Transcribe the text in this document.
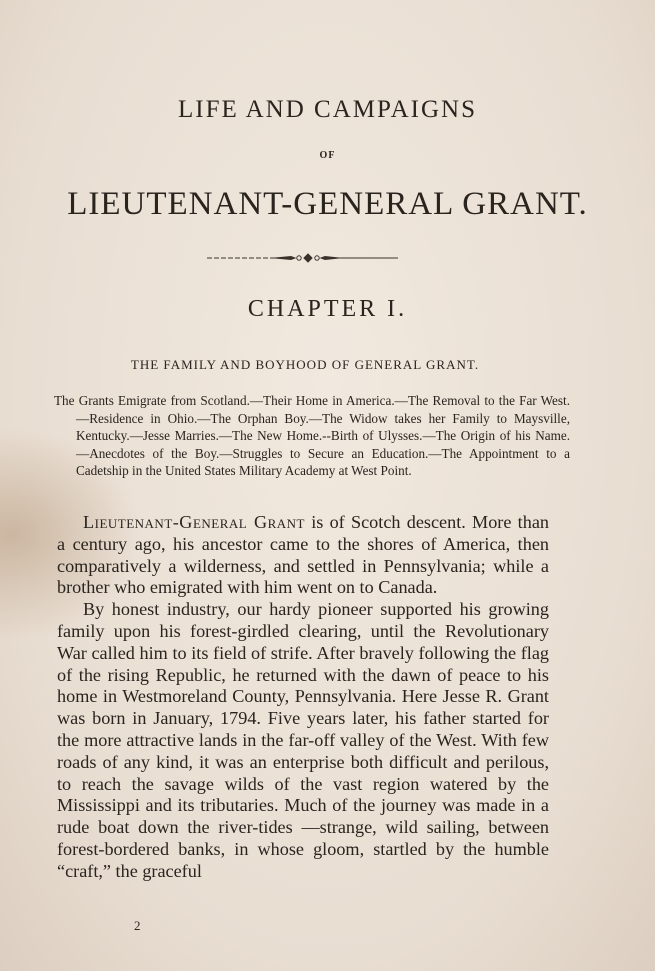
LIFE AND CAMPAIGNS
OF
LIEUTENANT-GENERAL GRANT.
CHAPTER I.
THE FAMILY AND BOYHOOD OF GENERAL GRANT.
The Grants Emigrate from Scotland.—Their Home in America.—The Removal to the Far West.—Residence in Ohio.—The Orphan Boy.—The Widow takes her Family to Maysville, Kentucky.—Jesse Marries.—The New Home.--Birth of Ulysses.—The Origin of his Name.—Anecdotes of the Boy.—Struggles to Secure an Education.—The Appointment to a Cadetship in the United States Military Academy at West Point.

Lieutenant-General Grant is of Scotch descent. More than a century ago, his ancestor came to the shores of America, then comparatively a wilderness, and settled in Pennsylvania; while a brother who emigrated with him went on to Canada.

By honest industry, our hardy pioneer supported his growing family upon his forest-girdled clearing, until the Revolutionary War called him to its field of strife. After bravely following the flag of the rising Republic, he returned with the dawn of peace to his home in Westmoreland County, Pennsylvania. Here Jesse R. Grant was born in January, 1794. Five years later, his father started for the more attractive lands in the far-off valley of the West. With few roads of any kind, it was an enterprise both difficult and perilous, to reach the savage wilds of the vast region watered by the Mississippi and its tributaries. Much of the journey was made in a rude boat down the river-tides —strange, wild sailing, between forest-bordered banks, in whose gloom, startled by the humble “craft,” the graceful

2
